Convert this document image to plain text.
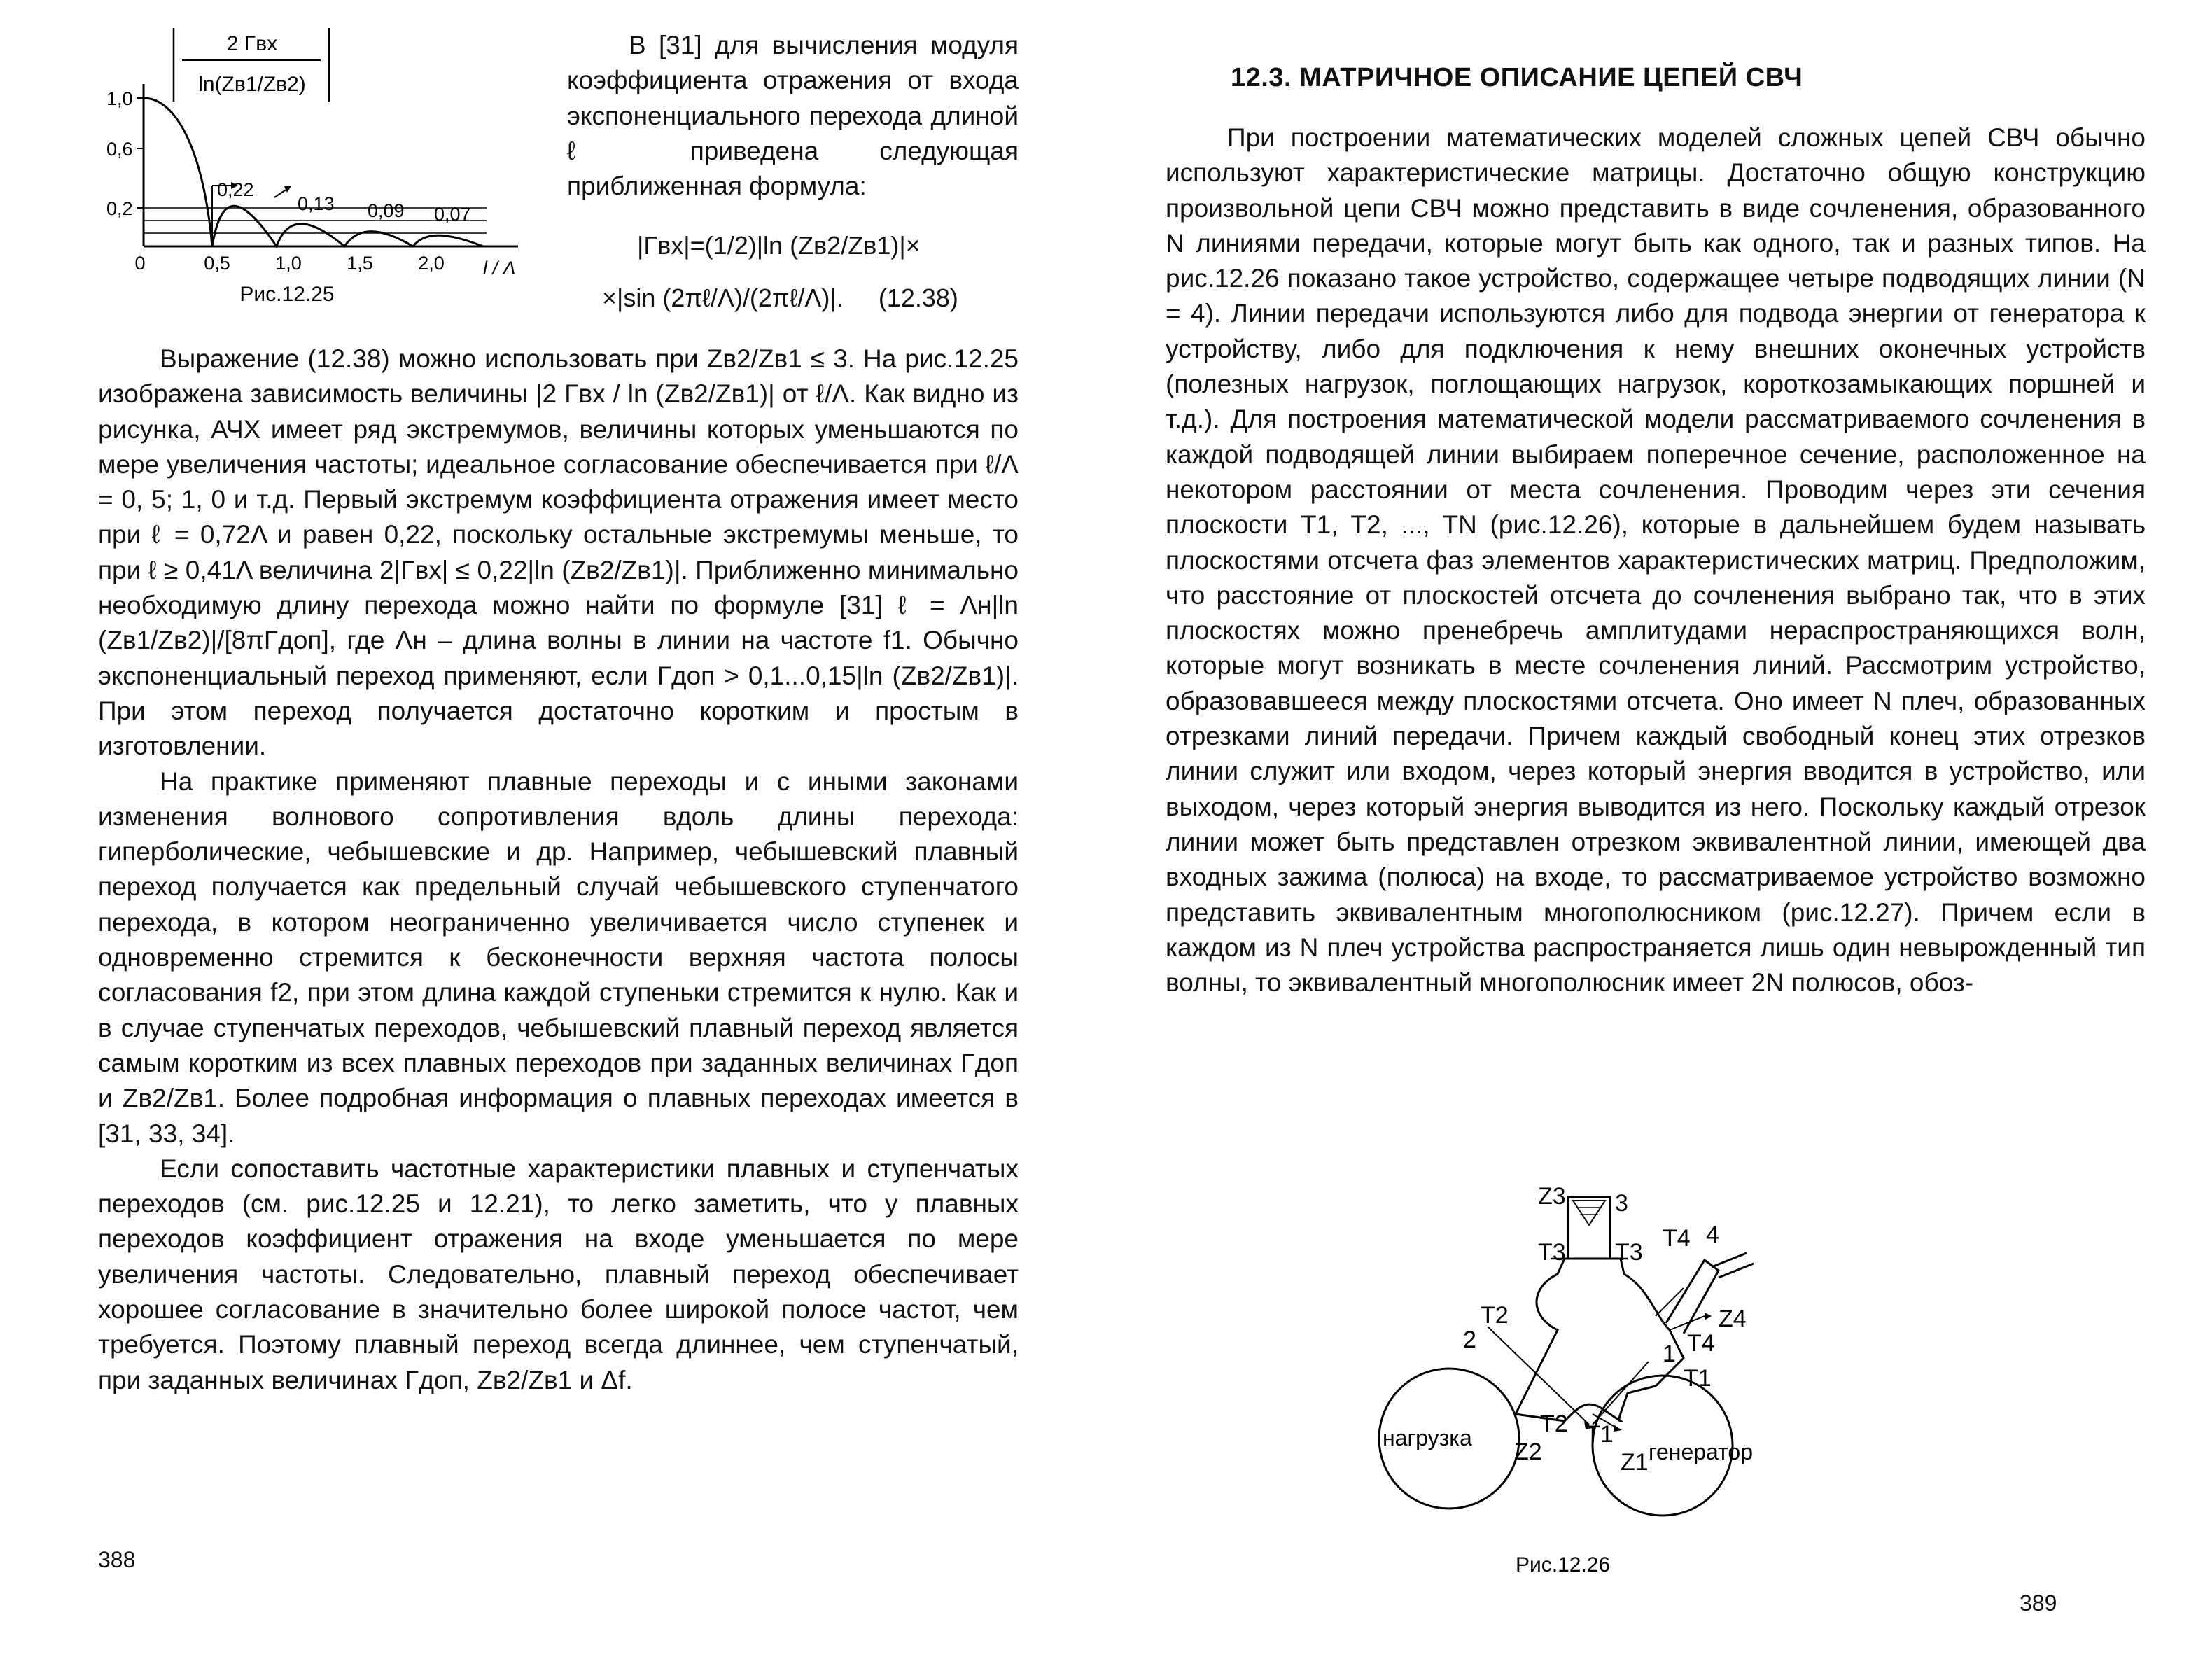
2 Γвх
ln(Zв1/Zв2)
1,0
0,6
0,2
0	0,5 1,0 1,5 2,0 l / Λ
0,22
0,13 0,09 0,07
Рис.12.25

В [31] для вычисления модуля коэффициента отражения от входа экспоненциального перехода длиной ℓ приведена следующая приближенная формула:

|Γвх|=(1/2)|ln (Zв2/Zв1)|×
×|sin (2πℓ/Λ)/(2πℓ/Λ)|. (12.38)

Выражение (12.38) можно использовать при Zв2/Zв1 ≤ 3. На рис.12.25 изображена зависимость величины |2 Γвх / ln (Zв2/Zв1)| от ℓ/Λ. Как видно из рисунка, АЧХ имеет ряд экстремумов, величины которых уменьшаются по мере увеличения частоты; идеальное согласование обеспечивается при ℓ/Λ = 0, 5; 1, 0 и т.д. Первый экстремум коэффициента отражения имеет место при ℓ = 0,72Λ и равен 0,22, поскольку остальные экстремумы меньше, то при ℓ ≥ 0,41Λ величина 2|Γвх| ≤ 0,22|ln (Zв2/Zв1)|. Приближенно минимально необходимую длину перехода можно найти по формуле [31] ℓ = Λн|ln (Zв1/Zв2)|/[8πΓдоп], где Λн – длина волны в линии на частоте f1. Обычно экспоненциальный переход применяют, если Γдоп > 0,1...0,15|ln (Zв2/Zв1)|. При этом переход получается достаточно коротким и простым в изготовлении.

На практике применяют плавные переходы и с иными законами изменения волнового сопротивления вдоль длины перехода: гиперболические, чебышевские и др. Например, чебышевский плавный переход получается как предельный случай чебышевского ступенчатого перехода, в котором неограниченно увеличивается число ступенек и одновременно стремится к бесконечности верхняя частота полосы согласования f2, при этом длина каждой ступеньки стремится к нулю. Как и в случае ступенчатых переходов, чебышевский плавный переход является самым коротким из всех плавных переходов при заданных величинах Γдоп и Zв2/Zв1. Более подробная информация о плавных переходах имеется в [31, 33, 34].

Если сопоставить частотные характеристики плавных и ступенчатых переходов (см. рис.12.25 и 12.21), то легко заметить, что у плавных переходов коэффициент отражения на входе уменьшается по мере увеличения частоты. Следовательно, плавный переход обеспечивает хорошее согласование в значительно более широкой полосе частот, чем требуется. Поэтому плавный переход всегда длиннее, чем ступенчатый, при заданных величинах Γдоп, Zв2/Zв1 и Δf.

388
12.3. МАТРИЧНОЕ ОПИСАНИЕ ЦЕПЕЙ СВЧ

При построении математических моделей сложных цепей СВЧ обычно используют характеристические матрицы. Достаточно общую конструкцию произвольной цепи СВЧ можно представить в виде сочленения, образованного N линиями передачи, которые могут быть как одного, так и разных типов. На рис.12.26 показано такое устройство, содержащее четыре подводящих линии (N = 4). Линии передачи используются либо для подвода энергии от генератора к устройству, либо для подключения к нему внешних оконечных устройств (полезных нагрузок, поглощающих нагрузок, короткозамыкающих поршней и т.д.). Для построения математической модели рассматриваемого сочленения в каждой подводящей линии выбираем поперечное сечение, расположенное на некотором расстоянии от места сочленения. Проводим через эти сечения плоскости T1, T2, ..., TN (рис.12.26), которые в дальнейшем будем называть плоскостями отсчета фаз элементов характеристических матриц. Предположим, что расстояние от плоскостей отсчета до сочленения выбрано так, что в этих плоскостях можно пренебречь амплитудами нераспространяющихся волн, которые могут возникать в месте сочленения линий. Рассмотрим устройство, образовавшееся между плоскостями отсчета. Оно имеет N плеч, образованных отрезками линий передачи. Причем каждый свободный конец этих отрезков линии служит или входом, через который энергия вводится в устройство, или выходом, через который энергия выводится из него. Поскольку каждый отрезок линии может быть представлен отрезком эквивалентной линии, имеющей два входных зажима (полюса) на входе, то рассматриваемое устройство возможно представить эквивалентным многополюсником (рис.12.27). Причем если в каждом из N плеч устройства распространяется лишь один невырожденный тип волны, то эквивалентный многополюсник имеет 2N полюсов, обоз-

Z3 3
T3 T3
T4 4
Z4
T4
1
T1
T1
Z1
T2
2
T2
Z2
нагрузка
генератор
Рис.12.26
389
